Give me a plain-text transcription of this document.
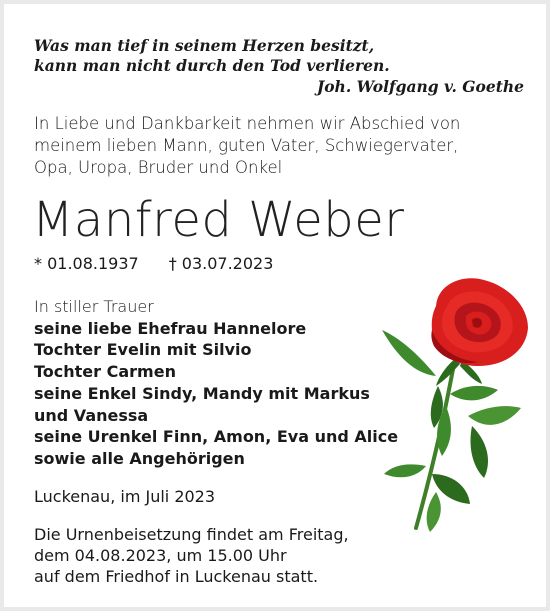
Was man tief in seinem Herzen besitzt,
kann man nicht durch den Tod verlieren.
Joh. Wolfgang v. Goethe
In Liebe und Dankbarkeit nehmen wir Abschied von
meinem lieben Mann, guten Vater, Schwiegervater,
Opa, Uropa, Bruder und Onkel
Manfred Weber
* 01.08.1937 † 03.07.2023
In stiller Trauer
seine liebe Ehefrau Hannelore
Tochter Evelin mit Silvio
Tochter Carmen
seine Enkel Sindy, Mandy mit Markus
und Vanessa
seine Urenkel Finn, Amon, Eva und Alice
sowie alle Angehörigen
Luckenau, im Juli 2023
Die Urnenbeisetzung findet am Freitag,
dem 04.08.2023, um 15.00 Uhr
auf dem Friedhof in Luckenau statt.
